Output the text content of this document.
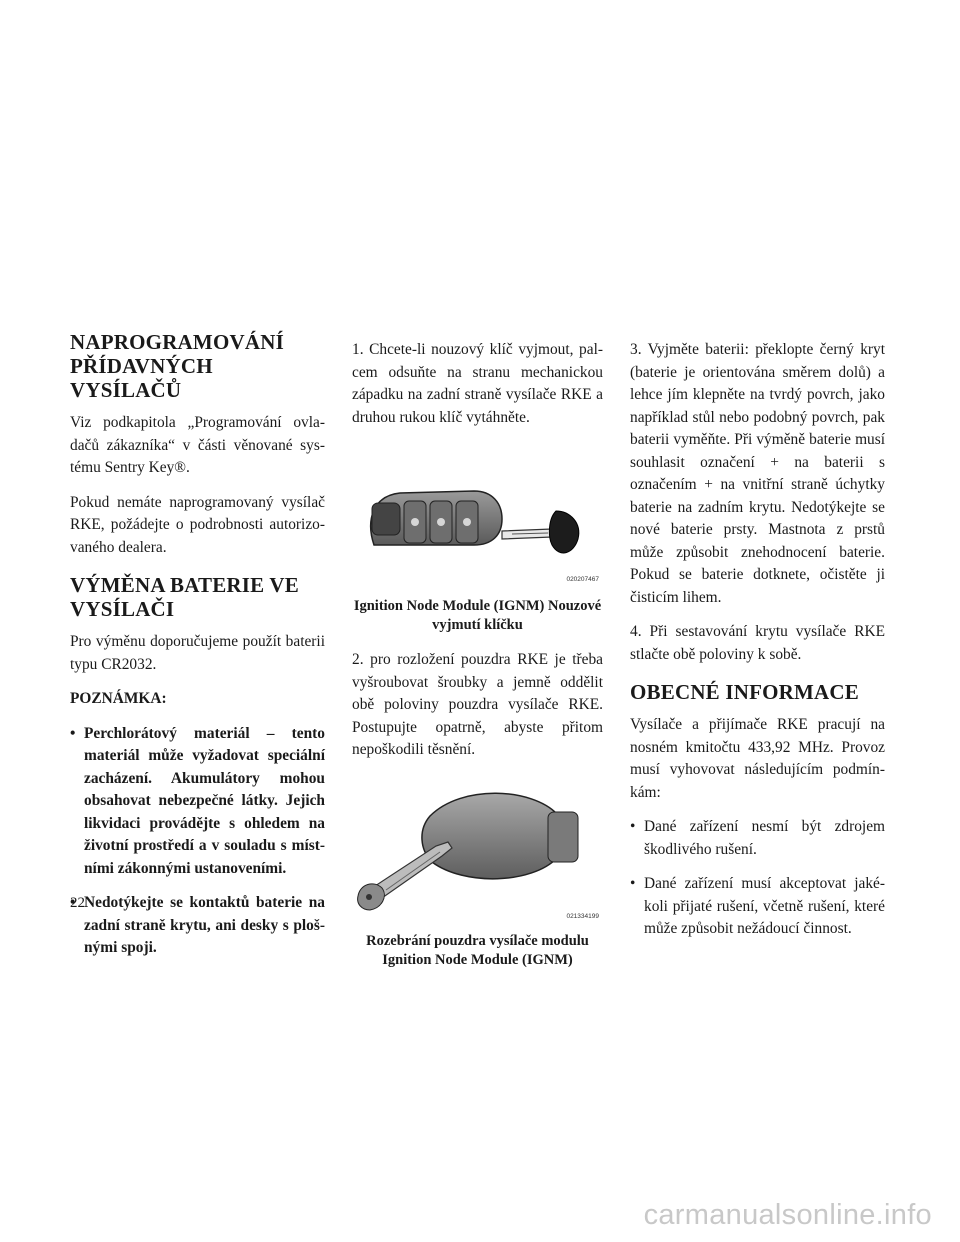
NAPROGRAMOVÁNÍ PŘÍDAVNÝCH VYSÍLAČŮ

Viz podkapitola „Programování ovladačů zákazníka“ v části věnované systému Sentry Key®.

Pokud nemáte naprogramovaný vysílač RKE, požádejte o podrobnosti autorizovaného dealera.

VÝMĚNA BATERIE VE VYSÍLAČI

Pro výměnu doporučujeme použít baterii typu CR2032.

POZNÁMKA:
• Perchlorátový materiál – tento materiál může vyžadovat speciální zacházení. Akumulátory mohou obsahovat nebezpečné látky. Jejich likvidaci provádějte s ohledem na životní prostředí a v souladu s místními zákonnými ustanoveními.
• Nedotýkejte se kontaktů baterie na zadní straně krytu, ani desky s plošnými spoji.

1. Chcete-li nouzový klíč vyjmout, palcem odsuňte na stranu mechanickou západku na zadní straně vysílače RKE a druhou rukou klíč vytáhněte.

020207467
Ignition Node Module (IGNM) Nouzové vyjmutí klíčku

2. pro rozložení pouzdra RKE je třeba vyšroubovat šroubky a jemně oddělit obě poloviny pouzdra vysílače RKE. Postupujte opatrně, abyste přitom nepoškodili těsnění.

021334199
Rozebrání pouzdra vysílače modulu Ignition Node Module (IGNM)

3. Vyjměte baterii: překlopte černý kryt (baterie je orientována směrem dolů) a lehce jím klepněte na tvrdý povrch, jako například stůl nebo podobný povrch, pak baterii vyměňte. Při výměně baterie musí souhlasit označení + na baterii s označením + na vnitřní straně úchytky baterie na zadním krytu. Nedotýkejte se nové baterie prsty. Mastnota z prstů může způsobit znehodnocení baterie. Pokud se baterie dotknete, očistěte ji čisticím lihem.

4. Při sestavování krytu vysílače RKE stlačte obě poloviny k sobě.

OBECNÉ INFORMACE

Vysílače a přijímače RKE pracují na nosném kmitočtu 433,92 MHz. Provoz musí vyhovovat následujícím podmínkám:

• Dané zařízení nesmí být zdrojem škodlivého rušení.
• Dané zařízení musí akceptovat jakékoli přijaté rušení, včetně rušení, které může způsobit nežádoucí činnost.
22
carmanualsonline.info
